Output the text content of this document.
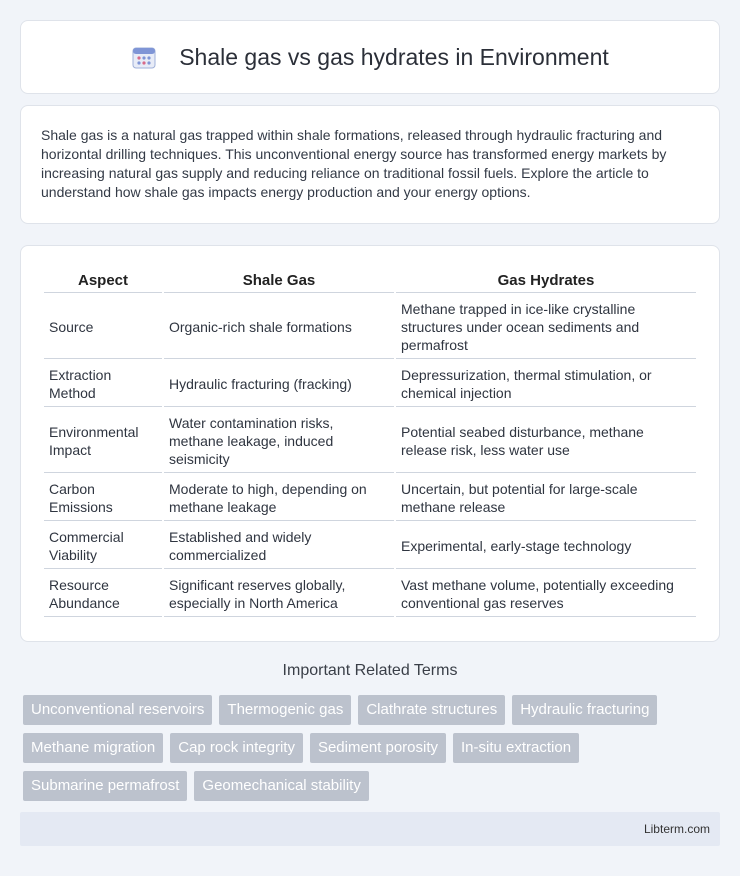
Shale gas vs gas hydrates in Environment

Shale gas is a natural gas trapped within shale formations, released through hydraulic fracturing and horizontal drilling techniques. This unconventional energy source has transformed energy markets by increasing natural gas supply and reducing reliance on traditional fossil fuels. Explore the article to understand how shale gas impacts energy production and your energy options.

Aspect	Shale Gas	Gas Hydrates
Source	Organic-rich shale formations	Methane trapped in ice-like crystalline structures under ocean sediments and permafrost
Extraction Method	Hydraulic fracturing (fracking)	Depressurization, thermal stimulation, or chemical injection
Environmental Impact	Water contamination risks, methane leakage, induced seismicity	Potential seabed disturbance, methane release risk, less water use
Carbon Emissions	Moderate to high, depending on methane leakage	Uncertain, but potential for large-scale methane release
Commercial Viability	Established and widely commercialized	Experimental, early-stage technology
Resource Abundance	Significant reserves globally, especially in North America	Vast methane volume, potentially exceeding conventional gas reserves
Important Related Terms
Unconventional reservoirs	Thermogenic gas	Clathrate structures	Hydraulic fracturing
Methane migration	Cap rock integrity	Sediment porosity	In-situ extraction
Submarine permafrost	Geomechanical stability
Libterm.com
